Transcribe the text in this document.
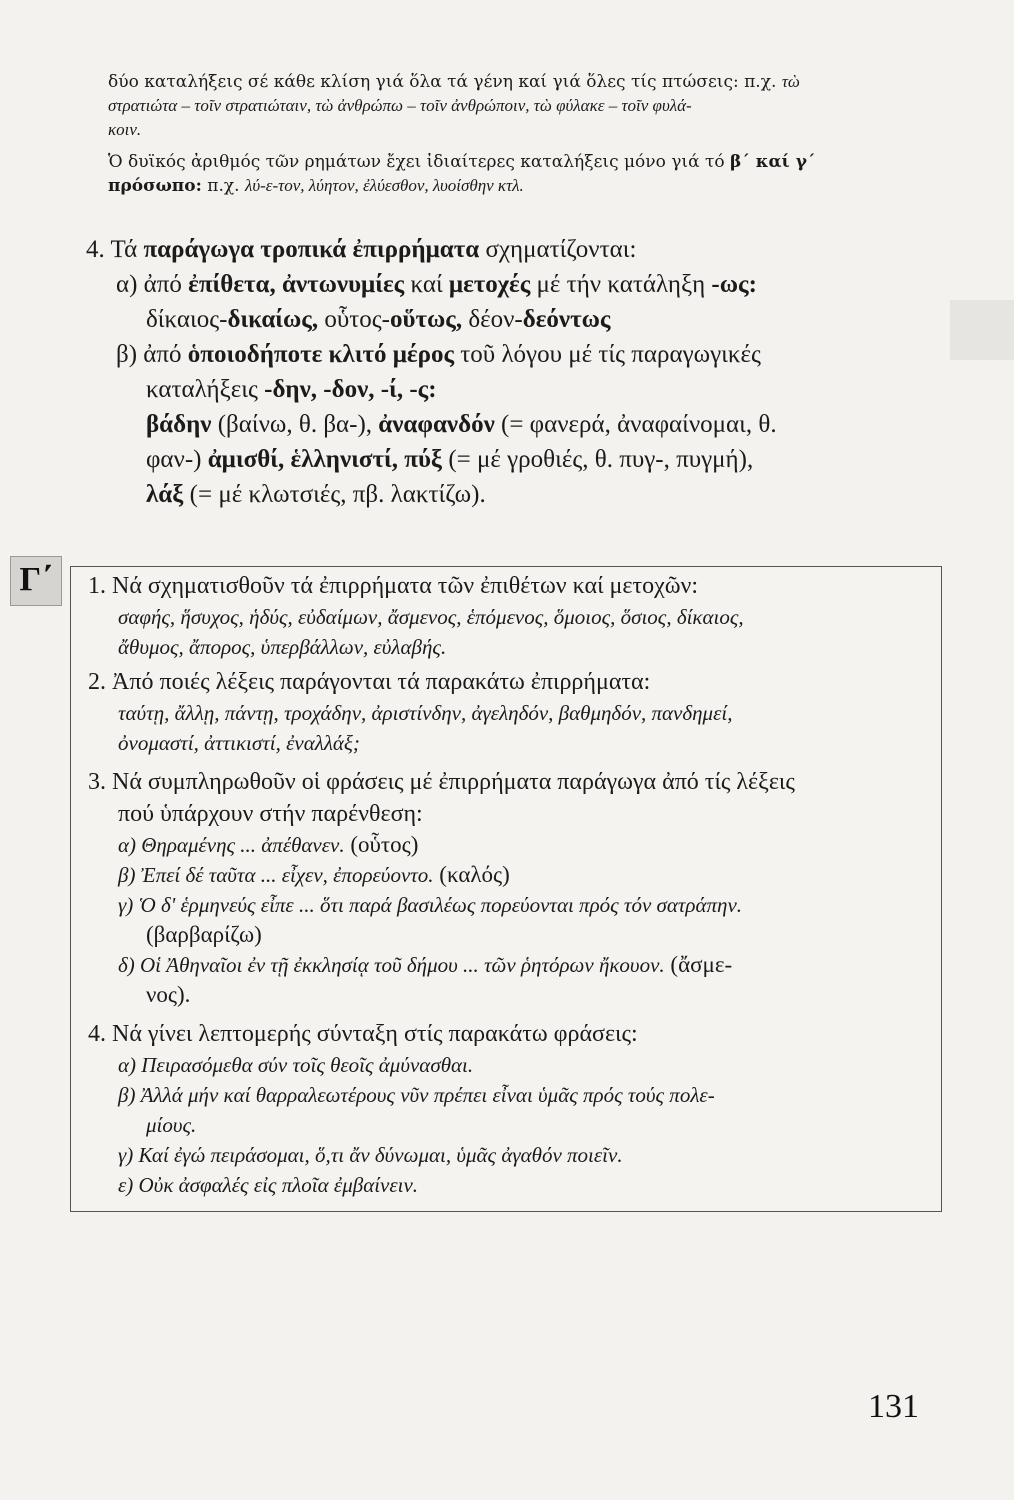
δύο καταλήξεις σέ κάθε κλίση γιά ὅλα τά γένη καί γιά ὅλες τίς πτώσεις: π.χ. τὼ
στρατιώτα – τοῖν στρατιώταιν, τὼ ἀνθρώπω – τοῖν ἀνθρώποιν, τὼ φύλακε – τοῖν φυλά-
κοιν.
Ὁ δυϊκός ἀριθμός τῶν ρημάτων ἔχει ἰδιαίτερες καταλήξεις μόνο γιά τό β΄ καί γ΄
πρόσωπο: π.χ. λύ-ε-τον, λύητον, ἐλύεσθον, λυοίσθην κτλ.
4. Τά παράγωγα τροπικά ἐπιρρήματα σχηματίζονται:
α) ἀπό ἐπίθετα, ἀντωνυμίες καί μετοχές μέ τήν κατάληξη -ως:
δίκαιος-δικαίως, οὗτος-οὕτως, δέον-δεόντως
β) ἀπό ὁποιοδήποτε κλιτό μέρος τοῦ λόγου μέ τίς παραγωγικές
καταλήξεις -δην, -δον, -ί, -ς:
βάδην (βαίνω, θ. βα-), ἀναφανδόν (= φανερά, ἀναφαίνομαι, θ.
φαν-) ἀμισθί, ἑλληνιστί, πύξ (= μέ γροθιές, θ. πυγ-, πυγμή),
λάξ (= μέ κλωτσιές, πβ. λακτίζω).
Γ΄	1. Νά σχηματισθοῦν τά ἐπιρρήματα τῶν ἐπιθέτων καί μετοχῶν:
σαφής, ἥσυχος, ἡδύς, εὐδαίμων, ἄσμενος, ἑπόμενος, ὅμοιος, ὅσιος, δίκαιος,
ἄθυμος, ἄπορος, ὑπερβάλλων, εὐλαβής.
2. Ἀπό ποιές λέξεις παράγονται τά παρακάτω ἐπιρρήματα:
ταύτῃ, ἄλλῃ, πάντῃ, τροχάδην, ἀριστίνδην, ἀγεληδόν, βαθμηδόν, πανδημεί,
ὀνομαστί, ἀττικιστί, ἐναλλάξ;
3. Νά συμπληρωθοῦν οἱ φράσεις μέ ἐπιρρήματα παράγωγα ἀπό τίς λέξεις
πού ὑπάρχουν στήν παρένθεση:
α) Θηραμένης ... ἀπέθανεν. (οὗτος)
β) Ἐπεί δέ ταῦτα ... εἶχεν, ἐπορεύοντο. (καλός)
γ) Ὁ δ' ἑρμηνεύς εἶπε ... ὅτι παρά βασιλέως πορεύονται πρός τόν σατράπην.
(βαρβαρίζω)
δ) Οἱ Ἀθηναῖοι ἐν τῇ ἐκκλησίᾳ τοῦ δήμου ... τῶν ῥητόρων ἤκουον. (ἄσμε-
νος).
4. Νά γίνει λεπτομερής σύνταξη στίς παρακάτω φράσεις:
α) Πειρασόμεθα σύν τοῖς θεοῖς ἀμύνασθαι.
β) Ἀλλά μήν καί θαρραλεωτέρους νῦν πρέπει εἶναι ὑμᾶς πρός τούς πολε-
μίους.
γ) Καί ἐγώ πειράσομαι, ὅ,τι ἄν δύνωμαι, ὑμᾶς ἀγαθόν ποιεῖν.
ε) Οὐκ ἀσφαλές εἰς πλοῖα ἐμβαίνειν.
131
